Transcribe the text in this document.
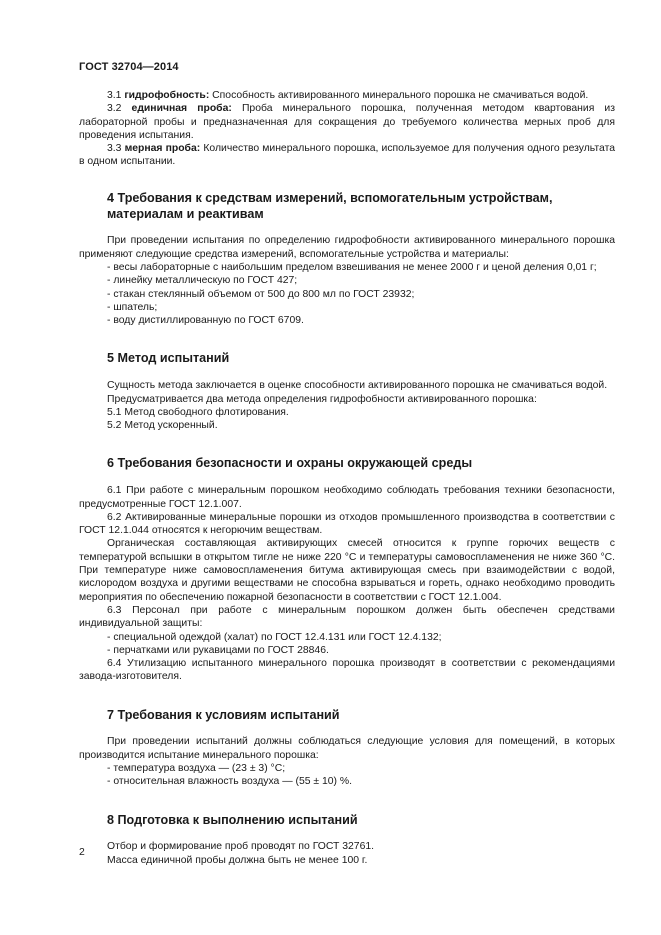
ГОСТ 32704—2014

3.1 гидрофобность: Способность активированного минерального порошка не смачиваться водой.

3.2 единичная проба: Проба минерального порошка, полученная методом квартования из лабораторной пробы и предназначенная для сокращения до требуемого количества мерных проб для проведения испытания.

3.3 мерная проба: Количество минерального порошка, используемое для получения одного результата в одном испытании.

4 Требования к средствам измерений, вспомогательным устройствам, материалам и реактивам

При проведении испытания по определению гидрофобности активированного минерального порошка применяют следующие средства измерений, вспомогательные устройства и материалы:

- весы лабораторные с наибольшим пределом взвешивания не менее 2000 г и ценой деления 0,01 г;

- линейку металлическую по ГОСТ 427;

- стакан стеклянный объемом от 500 до 800 мл по ГОСТ 23932;

- шпатель;

- воду дистиллированную по ГОСТ 6709.

5 Метод испытаний

Сущность метода заключается в оценке способности активированного порошка не смачиваться водой.

Предусматривается два метода определения гидрофобности активированного порошка:

5.1 Метод свободного флотирования.

5.2 Метод ускоренный.

6 Требования безопасности и охраны окружающей среды

6.1 При работе с минеральным порошком необходимо соблюдать требования техники безопасности, предусмотренные ГОСТ 12.1.007.

6.2 Активированные минеральные порошки из отходов промышленного производства в соответствии с ГОСТ 12.1.044 относятся к негорючим веществам.

Органическая составляющая активирующих смесей относится к группе горючих веществ с температурой вспышки в открытом тигле не ниже 220 °С и температуры самовоспламенения не ниже 360 °С. При температуре ниже самовоспламенения битума активирующая смесь при взаимодействии с водой, кислородом воздуха и другими веществами не способна взрываться и гореть, однако необходимо проводить мероприятия по обеспечению пожарной безопасности в соответствии с ГОСТ 12.1.004.

6.3 Персонал при работе с минеральным порошком должен быть обеспечен средствами индивидуальной защиты:

- специальной одеждой (халат) по ГОСТ 12.4.131 или ГОСТ 12.4.132;

- перчатками или рукавицами по ГОСТ 28846.

6.4 Утилизацию испытанного минерального порошка производят в соответствии с рекомендациями завода-изготовителя.

7 Требования к условиям испытаний

При проведении испытаний должны соблюдаться следующие условия для помещений, в которых производится испытание минерального порошка:

- температура воздуха — (23 ± 3) °С;

- относительная влажность воздуха — (55 ± 10) %.

8 Подготовка к выполнению испытаний

Отбор и формирование проб проводят по ГОСТ 32761.

Масса единичной пробы должна быть не менее 100 г.

2
